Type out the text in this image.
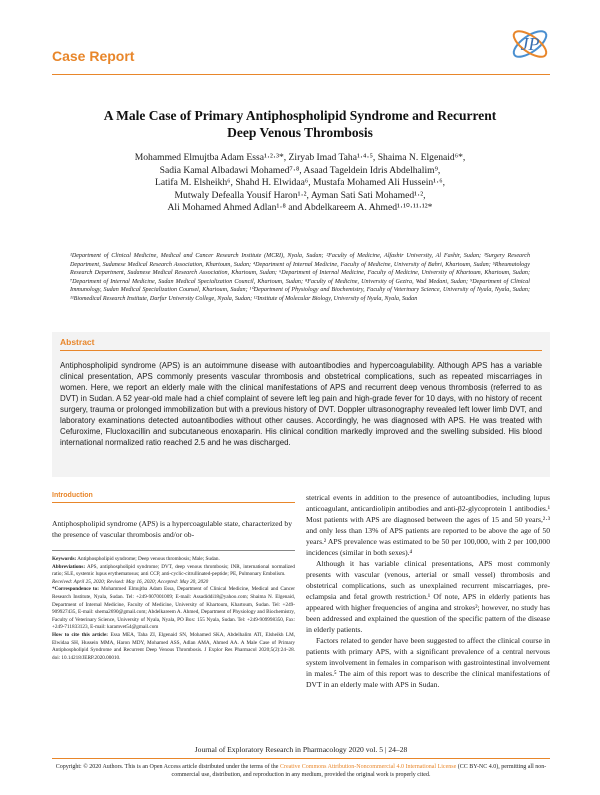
Case Report
JP
A Male Case of Primary Antiphospholipid Syndrome and Recurrent
Deep Venous Thrombosis
Mohammed Elmujtba Adam Essa¹·²·³*, Ziryab Imad Taha¹·⁴·⁵, Shaima N. Elgenaid⁶*,
Sadia Kamal Albadawi Mohamed⁷·⁸, Asaad Tageldein Idris Abdelhalim⁹,
Latifa M. Elsheikh⁶, Shahd H. Elwidaa⁶, Mustafa Mohamed Ali Hussein¹·⁶,
Mutwaly Defealla Yousif Haron¹·², Ayman Sati Sati Mohamed¹·²,
Ali Mohamed Ahmed Adlan¹·⁸ and Abdelkareem A. Ahmed¹·¹⁰·¹¹·¹²*
¹Department of Clinical Medicine, Medical and Cancer Research Institute (MCRI), Nyala, Sudan; ²Faculty of Medicine, Alfashir University, Al Fashir, Sudan; ³Surgery Research Department, Sudanese Medical Research Association, Khartoum, Sudan; ⁴Department of Internal Medicine, Faculty of Medicine, University of Bahri, Khartoum, Sudan; ⁵Rheumatology Research Department, Sudanese Medical Research Association, Khartoum, Sudan; ⁶Department of Internal Medicine, Faculty of Medicine, University of Khartoum, Khartoum, Sudan; ⁷Department of Internal Medicine, Sudan Medical Specialization Council, Khartoum, Sudan; ⁸Faculty of Medicine, University of Gezira, Wad Medani, Sudan; ⁹Department of Clinical Immunology, Sudan Medical Specialization Counsel, Khartoum, Sudan; ¹⁰Department of Physiology and Biochemistry, Faculty of Veterinary Science, University of Nyala, Nyala, Sudan; ¹¹Biomedical Research Institute, Darfur University College, Nyala, Sudan; ¹²Institute of Molecular Biology, University of Nyala, Nyala, Sudan
Abstract
Antiphospholipid syndrome (APS) is an autoimmune disease with autoantibodies and hypercoagulability. Although APS has a variable clinical presentation, APS commonly presents vascular thrombosis and obstetrical complications, such as repeated miscarriages in women. Here, we report an elderly male with the clinical manifestations of APS and recurrent deep venous thrombosis (referred to as DVT) in Sudan. A 52 year-old male had a chief complaint of severe left leg pain and high-grade fever for 10 days, with no history of recent surgery, trauma or prolonged immobilization but with a previous history of DVT. Doppler ultrasonography revealed left lower limb DVT, and laboratory examinations detected autoantibodies without other causes. Accordingly, he was diagnosed with APS. He was treated with Cefuroxime, Flucloxacillin and subcutaneous enoxaparin. His clinical condition markedly improved and the swelling subsided. His blood international normalized ratio reached 2.5 and he was discharged.
Introduction
Antiphospholipid syndrome (APS) is a hypercoagulable state, characterized by the presence of vascular thrombosis and/or ob-

Keywords: Antiphospholipid syndrome; Deep venous thrombosis; Male; Sudan.

Abbreviations: APS, antiphospholipid syndrome; DVT, deep venous thrombosis; INR, international normalized ratio; SLE, systemic lupus erythematosus; anti CCP, anti-cyclic-citrullinated-peptide; PE, Pulmonary Embolism.

Received: April 25, 2020; Revised: May 16, 2020; Accepted: May 20, 2020

*Correspondence to: Mohammed Elmujtba Adam Essa, Department of Clinical Medicine, Medical and Cancer Research Institute, Nyala, Sudan. Tel: +249-907001009; E-mail: Assadiddi18@yahoo.com; Shaima N. Elgenaid, Department of Internal Medicine, Faculty of Medicine, University of Khartoum, Khartoum, Sudan. Tel: +249-909927435, E-mail: shema2690@gmail.com; Abdelkareem A. Ahmed, Department of Physiology and Biochemistry, Faculty of Veterinary Science, University of Nyala, Nyala, PO Box: 155 Nyala, Sudan. Tel: +249-909998350, Fax: +249-711833123, E-mail: karamvet54@gmail.com

How to cite this article: Essa MEA, Taha ZI, Elgenaid SN, Mohamed SKA, Abdelhalim ATI, Elsheikh LM, Elwidaa SH, Hussein MMA, Haron MDY, Mohamed ASS, Adlan AMA, Ahmed AA. A Male Case of Primary Antiphospholipid Syndrome and Recurrent Deep Venous Thrombosis. J Explor Res Pharmacol 2020;5(2):24–28. doi: 10.14218/JERP.2020.00010.

stetrical events in addition to the presence of autoantibodies, including lupus anticoagulant, anticardiolipin antibodies and anti-β2-glycoprotein 1 antibodies.¹ Most patients with APS are diagnosed between the ages of 15 and 50 years,²·³ and only less than 13% of APS patients are reported to be above the age of 50 years.² APS prevalence was estimated to be 50 per 100,000, with 2 per 100,000 incidences (similar in both sexes).⁴

Although it has variable clinical presentations, APS most commonly presents with vascular (venous, arterial or small vessel) thrombosis and obstetrical complications, such as unexplained recurrent miscarriages, pre-eclampsia and fetal growth restriction.¹ Of note, APS in elderly patients has appeared with higher frequencies of angina and strokes²; however, no study has been addressed and explained the question of the specific pattern of the disease in elderly patients.

Factors related to gender have been suggested to affect the clinical course in patients with primary APS, with a significant prevalence of a central nervous system involvement in females in comparison with gastrointestinal involvement in males.⁵ The aim of this report was to describe the clinical manifestations of DVT in an elderly male with APS in Sudan.

Journal of Exploratory Research in Pharmacology 2020 vol. 5 | 24–28
Copyright: © 2020 Authors. This is an Open Access article distributed under the terms of the Creative Commons Attribution-Noncommercial 4.0 International License (CC BY-NC 4.0), permitting all non-commercial use, distribution, and reproduction in any medium, provided the original work is properly cited.
